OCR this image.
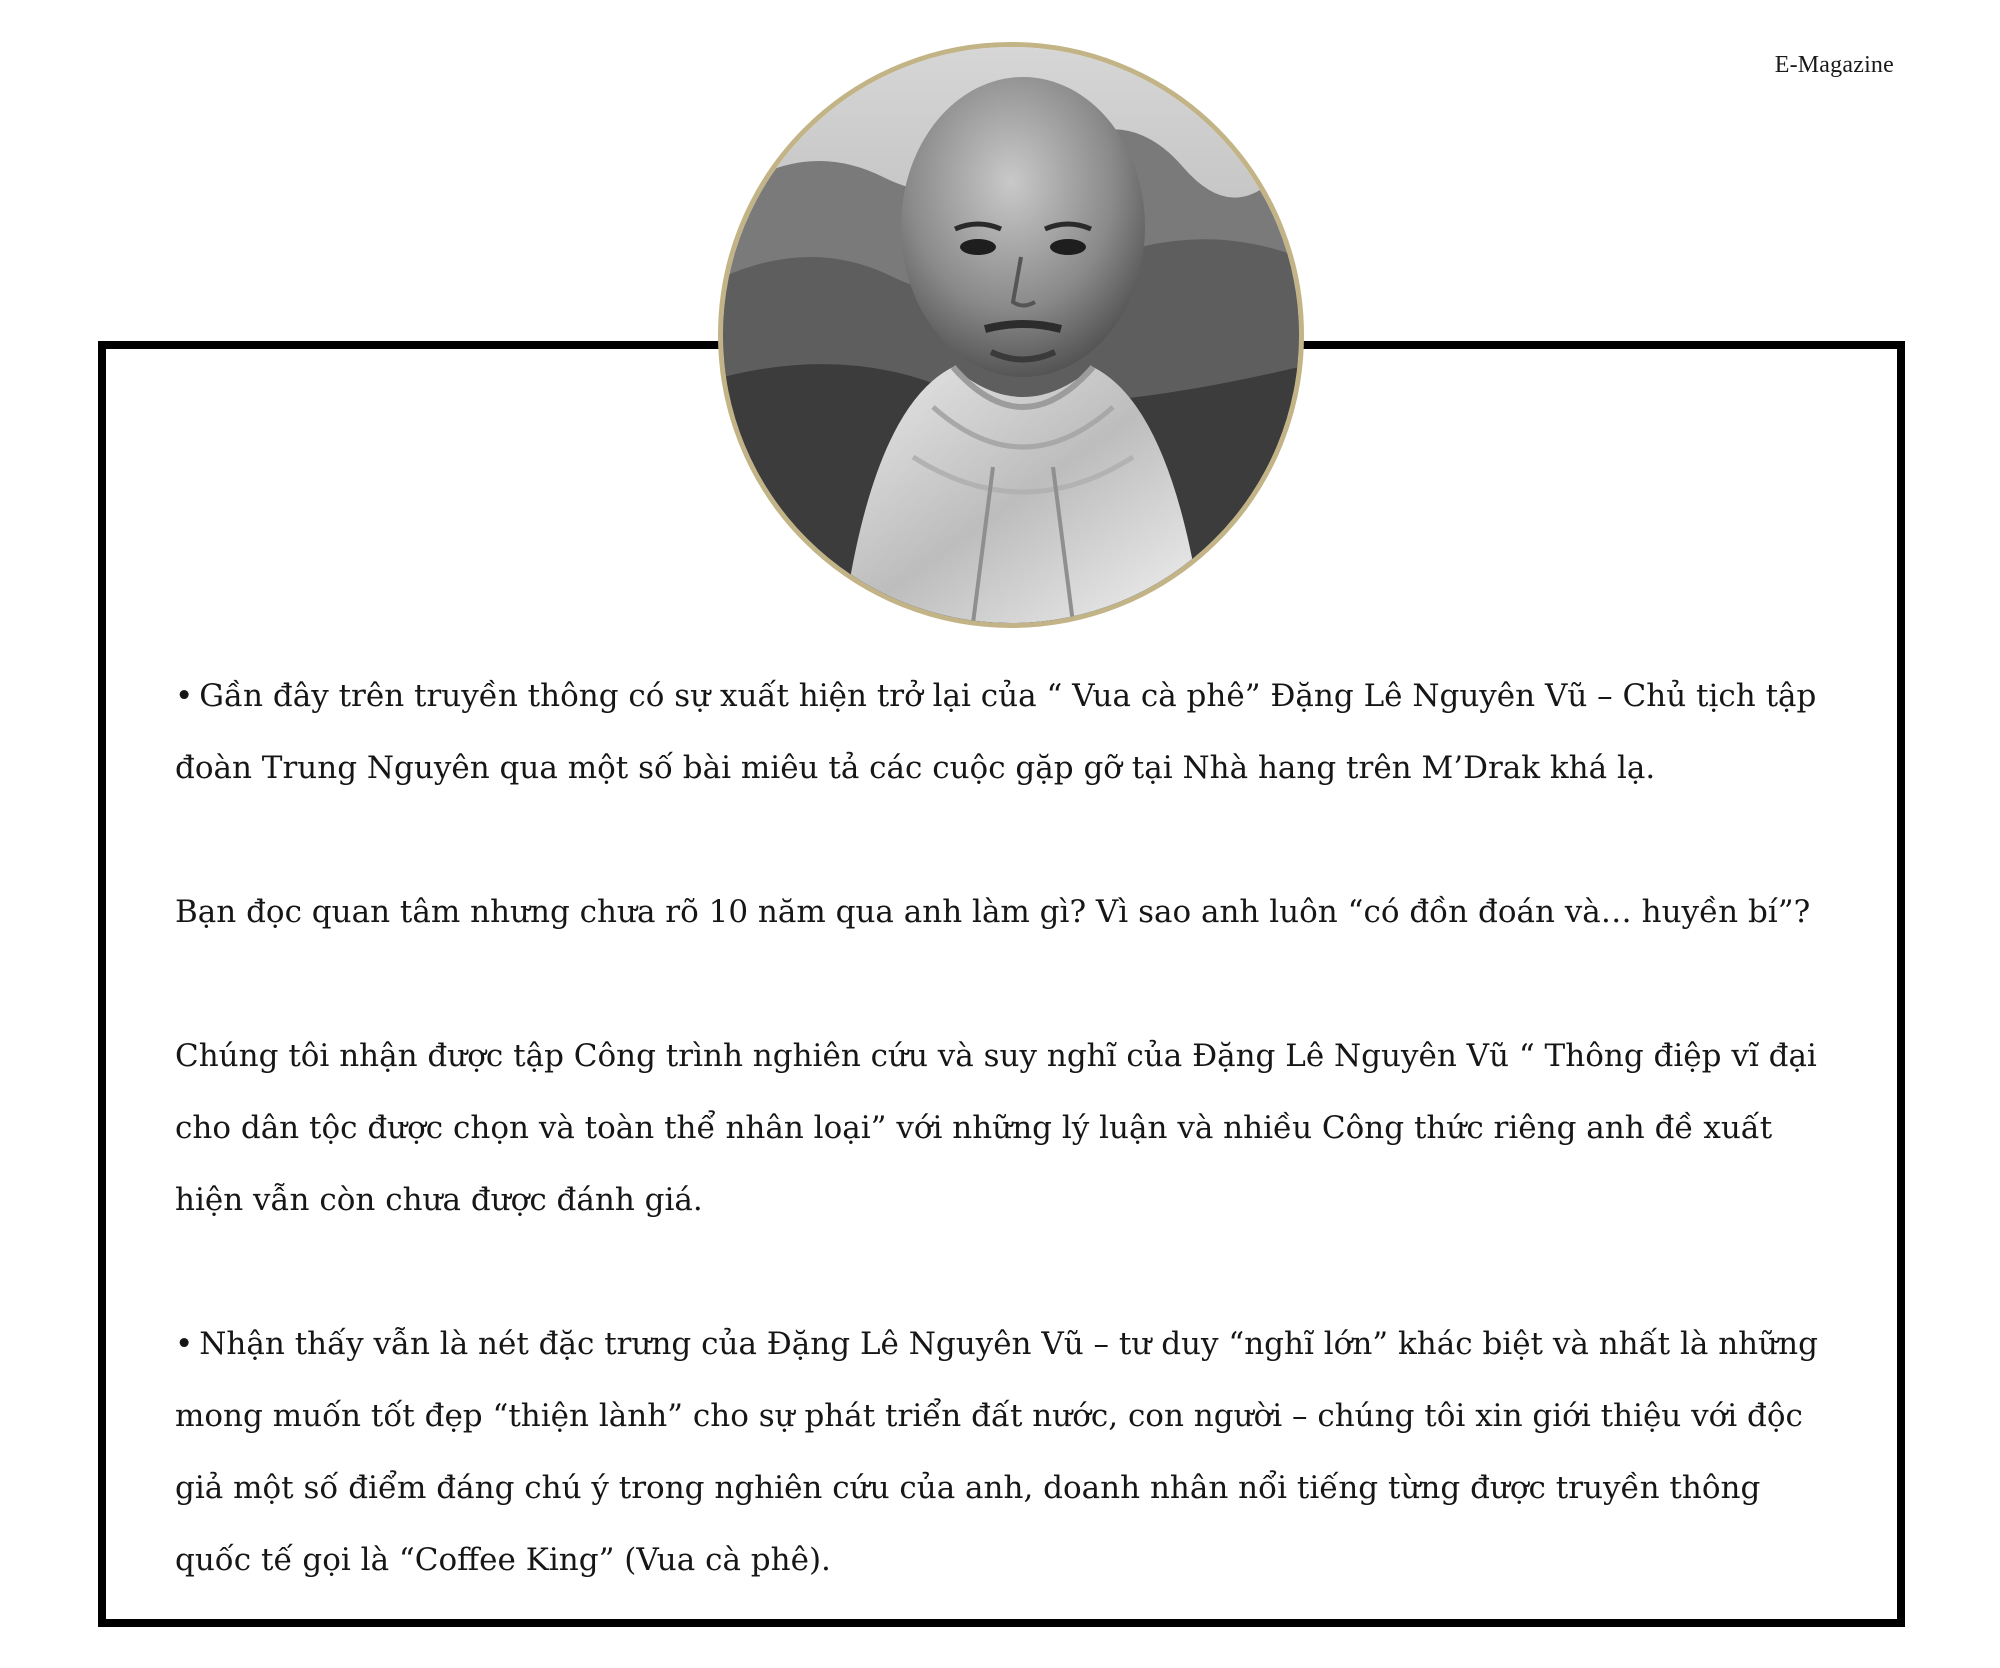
E-Magazine

• Gần đây trên truyền thông có sự xuất hiện trở lại của “ Vua cà phê” Đặng Lê Nguyên Vũ – Chủ tịch tập đoàn Trung Nguyên qua một số bài miêu tả các cuộc gặp gỡ tại Nhà hang trên M’Drak khá lạ.

Bạn đọc quan tâm nhưng chưa rõ 10 năm qua anh làm gì? Vì sao anh luôn “có đồn đoán và… huyền bí”?

Chúng tôi nhận được tập Công trình nghiên cứu và suy nghĩ của Đặng Lê Nguyên Vũ “ Thông điệp vĩ đại cho dân tộc được chọn và toàn thể nhân loại” với những lý luận và nhiều Công thức riêng anh đề xuất hiện vẫn còn chưa được đánh giá.

• Nhận thấy vẫn là nét đặc trưng của Đặng Lê Nguyên Vũ – tư duy “nghĩ lớn” khác biệt và nhất là những mong muốn tốt đẹp “thiện lành” cho sự phát triển đất nước, con người – chúng tôi xin giới thiệu với độc giả một số điểm đáng chú ý trong nghiên cứu của anh, doanh nhân nổi tiếng từng được truyền thông quốc tế gọi là “Coffee King” (Vua cà phê).
